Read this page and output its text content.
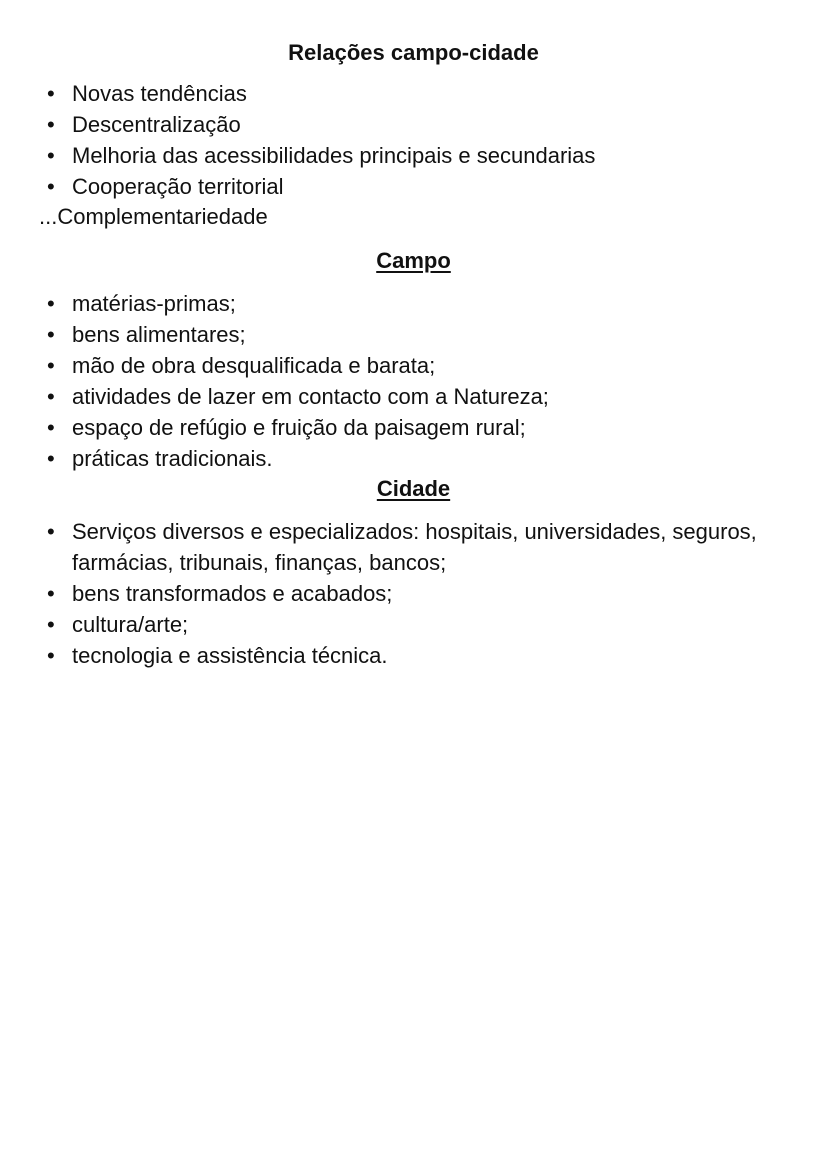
Relações campo-cidade
• Novas tendências
• Descentralização
• Melhoria das acessibilidades principais e secundarias
• Cooperação territorial
...Complementariedade
Campo
• matérias-primas;
• bens alimentares;
• mão de obra desqualificada e barata;
• atividades de lazer em contacto com a Natureza;
• espaço de refúgio e fruição da paisagem rural;
• práticas tradicionais.
Cidade
• Serviços diversos e especializados: hospitais, universidades, seguros, farmácias, tribunais, finanças, bancos;
• bens transformados e acabados;
• cultura/arte;
• tecnologia e assistência técnica.
